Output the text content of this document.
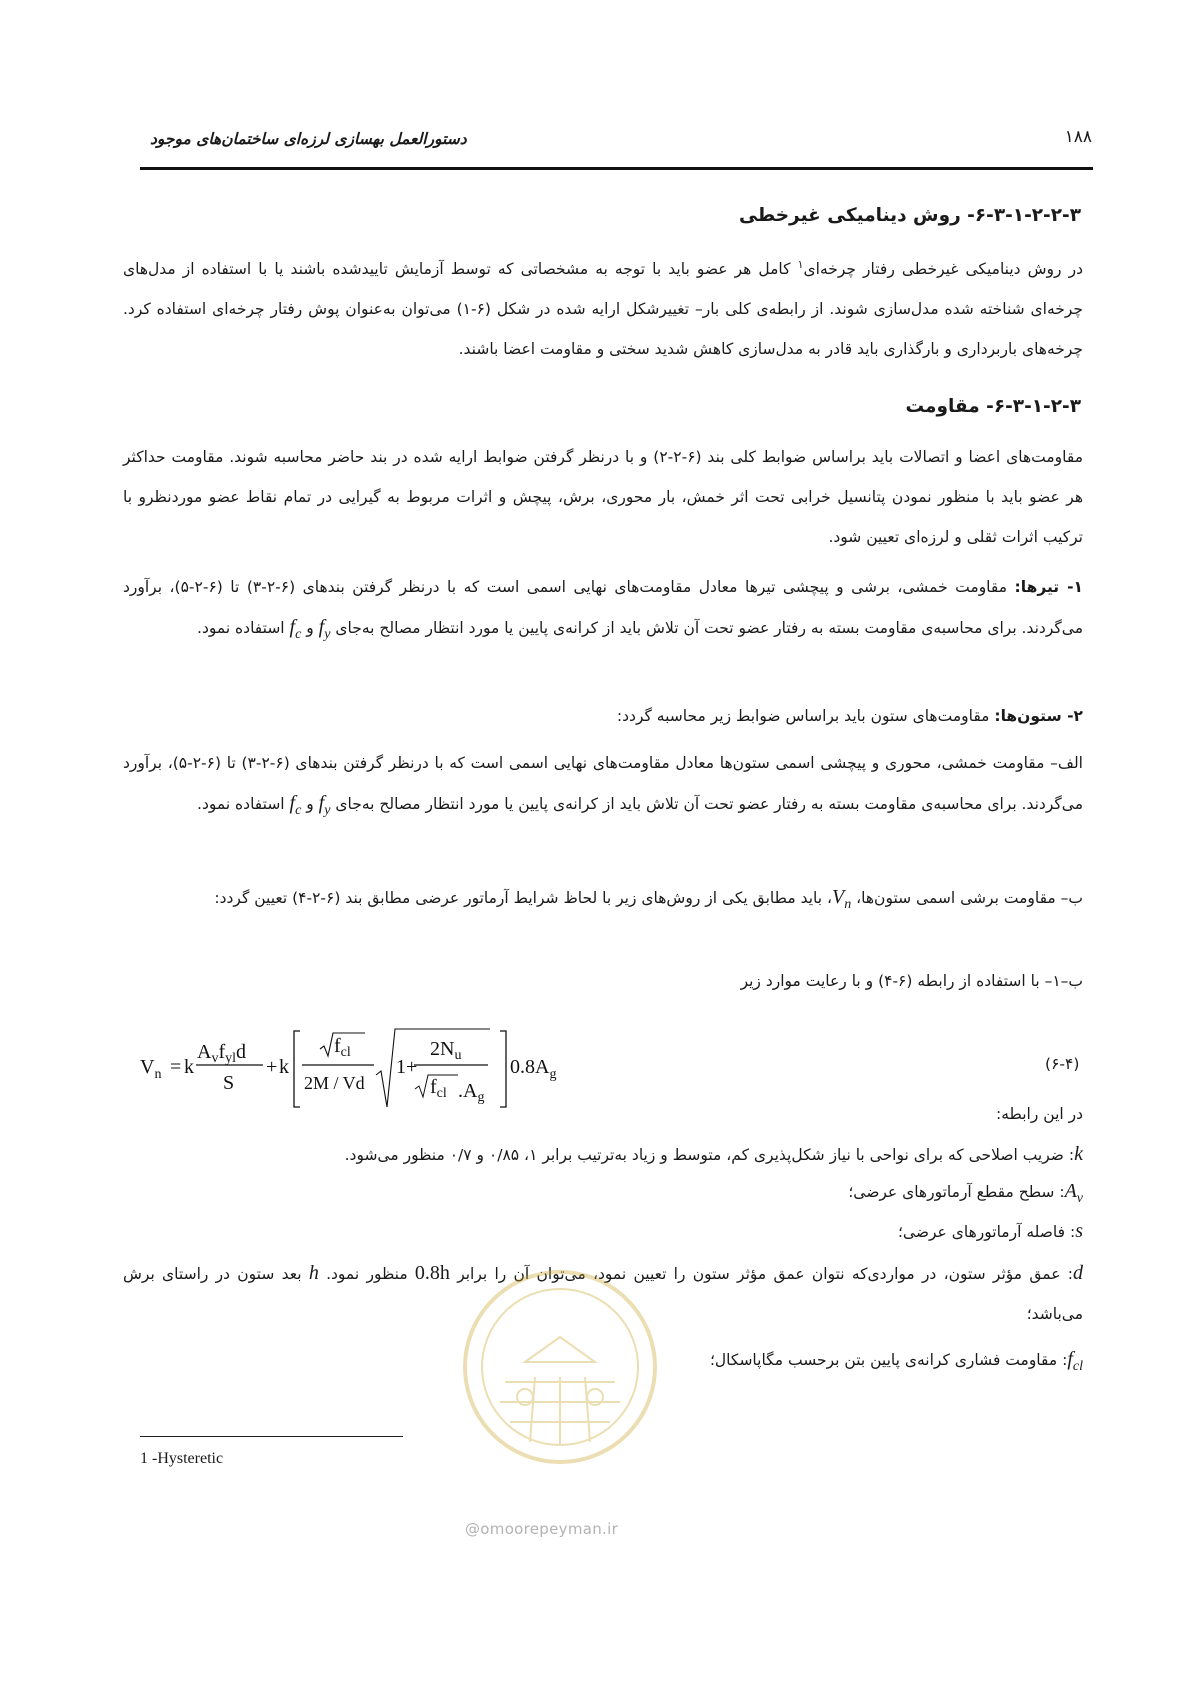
۱۸۸
دستورالعمل بهسازی لرزه‌ای ساختمان‌های موجود
۶-۳-۱-۲-۲-۳- روش دینامیکی غیرخطی
در روش دینامیکی غیرخطی رفتار چرخه‌ای$^۱$ کامل هر عضو باید با توجه به مشخصاتی که توسط آزمایش تاییدشده باشند یا با استفاده از مدل‌های چرخه‌ای شناخته شده مدل‌سازی شوند. از رابطه‌ی کلی بار– تغییرشکل ارایه شده در شکل (۶-۱) می‌توان به‌عنوان پوش رفتار چرخه‌ای استفاده کرد. چرخه‌های باربرداری و بارگذاری باید قادر به مدل‌سازی کاهش شدید سختی و مقاومت اعضا باشند.
۶-۳-۱-۲-۳- مقاومت
مقاومت‌های اعضا و اتصالات باید براساس ضوابط کلی بند (۶-۲-۲) و با درنظر گرفتن ضوابط ارایه شده در بند حاضر محاسبه شوند. مقاومت حداکثر هر عضو باید با منظور نمودن پتانسیل خرابی تحت اثر خمش، بار محوری، برش، پیچش و اثرات مربوط به گیرایی در تمام نقاط عضو موردنظرو با ترکیب اثرات ثقلی و لرزه‌ای تعیین شود.
۱- تیرها: مقاومت خمشی، برشی و پیچشی تیرها معادل مقاومت‌های نهایی اسمی است که با درنظر گرفتن بندهای (۶-۲-۳) تا (۶-۲-۵)، برآورد می‌گردند. برای محاسبه‌ی مقاومت بسته به رفتار عضو تحت آن تلاش باید از کرانه‌ی پایین یا مورد انتظار مصالح به‌جای $f_y$ و $f_c$ استفاده نمود.
۲- ستون‌ها: مقاومت‌های ستون باید براساس ضوابط زیر محاسبه گردد:
الف– مقاومت خمشی، محوری و پیچشی اسمی ستون‌ها معادل مقاومت‌های نهایی اسمی است که با درنظر گرفتن بندهای (۶-۲-۳) تا (۶-۲-۵)، برآورد می‌گردند. برای محاسبه‌ی مقاومت بسته به رفتار عضو تحت آن تلاش باید از کرانه‌ی پایین یا مورد انتظار مصالح به‌جای $f_y$ و $f_c$ استفاده نمود.
ب– مقاومت برشی اسمی ستون‌ها، $V_n،$ باید مطابق یکی از روش‌های زیر با لحاظ شرایط آرماتور عرضی مطابق بند (۶-۲-۴) تعیین گردد:
ب–۱– با استفاده از رابطه (۶-۴) و با رعایت موارد زیر
$V_n = k$
$A_vf_{yl}d$
S
+ k
$f_{cl}$
2M / Vd
1+
$2N_u$
$f_{cl}$ $.A_g$
$0.8A_g$
(۶-۴)
در این رابطه:
k: ضریب اصلاحی که برای نواحی با نیاز شکل‌پذیری کم، متوسط و زیاد به‌ترتیب برابر ۱، ۰/۸۵ و ۰/۷ منظور می‌شود.
$A_v$: سطح مقطع آرماتورهای عرضی؛
s: فاصله آرماتورهای عرضی؛
d: عمق مؤثر ستون، در مواردی‌که نتوان عمق مؤثر ستون را تعیین نمود، می‌توان آن را برابر 0.8h منظور نمود. h بعد ستون در راستای برش می‌باشد؛
$f_{cl}$: مقاومت فشاری کرانه‌ی پایین بتن برحسب مگاپاسکال؛
@omoorepeyman.ir
1 -Hysteretic
